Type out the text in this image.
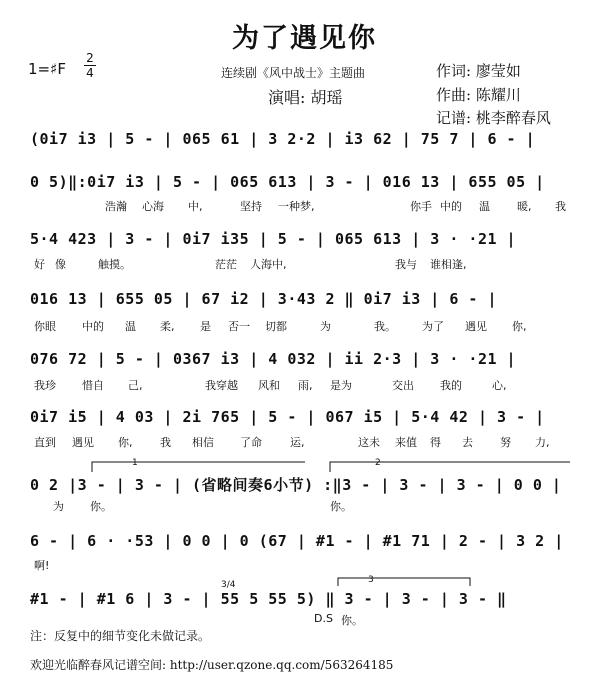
为了遇见你
1=♯F
2
4	连续剧《风中战士》主题曲
演唱: 胡瑶
作词: 廖莹如
作曲: 陈耀川
记谱: 桃李醉春风
(0i7 i3 | 5 - | 065 61 | 3 2·2 | i3 62 | 75 7 | 6 - |
0 5)‖:0i7 i3 | 5 - | 065 613 | 3 - | 016 13 | 655 05 |
浩瀚 心海 中,	坚持 一种梦,	你手 中的 温 暖, 我
5·4 423 | 3 - | 0i7 i35 | 5 - | 065 613 | 3 · ·21 |
好 像	触摸。	茫茫 人海中,	我与 谁相逢,
016 13 | 655 05 | 67 i2 | 3·43 2 ‖ 0i7 i3 | 6 - |
你眼 中的 温 柔, 是 否一 切都	为	我。 为了 遇见 你,
076 72 | 5 - | 0367 i3 | 4 032 | ii 2·3 | 3 · ·21 |
我珍 惜自 己,	我穿越 风和 雨, 是为	交出 我的	心,
0i7 i5 | 4 03 | 2i 765 | 5 - | 067 i5 | 5·4 42 | 3 - |
直到 遇见 你,	我 相信 了命	运,	这未 来值 得 去 努 力,
0 2 |3 - | 3 - | (省略间奏6小节) :‖3 - | 3 - | 3 - | 0 0 |
为 你。	你。
6 - | 6 · ·53 | 0 0 | 0 (67 | #1 - | #1 71 | 2 - | 3 2 |
啊!
#1 - | #1 6 | 3 - | 55 5 55 5) ‖ 3 - | 3 - | 3 - ‖
D.S 你。
1	2
3
3/4
注：反复中的细节变化未做记录。
欢迎光临醉春风记谱空间: http://user.qzone.qq.com/563264185
